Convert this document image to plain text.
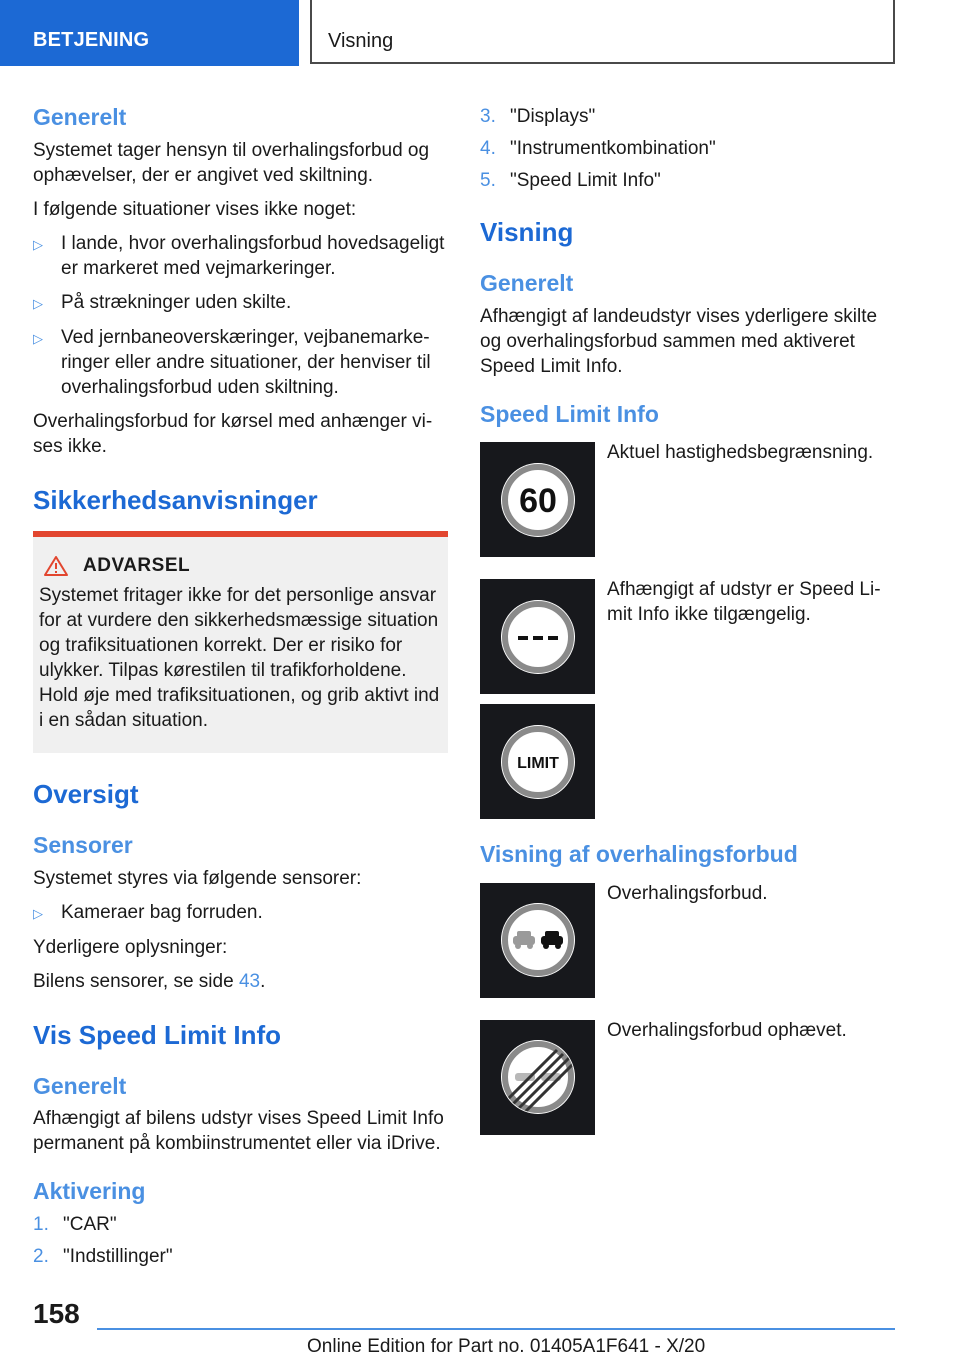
BETJENING	Visning
Generelt

Systemet tager hensyn til overhalingsforbud og ophævelser, der er angivet ved skiltning.

I følgende situationer vises ikke noget:

▷ I lande, hvor overhalingsforbud hovedsageligt er markeret med vejmarkeringer.
▷ På strækninger uden skilte.
▷ Ved jernbaneoverskæringer, vejbanemarkeringer eller andre situationer, der henviser til overhalingsforbud uden skiltning.

Overhalingsforbud for kørsel med anhænger vises ikke.

Sikkerhedsanvisninger
ADVARSEL

Systemet fritager ikke for det personlige ansvar for at vurdere den sikkerhedsmæssige situation og trafiksituationen korrekt. Der er risiko for ulykker. Tilpas kørestilen til trafikforholdene. Hold øje med trafiksituationen, og grib aktivt ind i en sådan situation.

Oversigt
Sensorer

Systemet styres via følgende sensorer:

▷ Kameraer bag forruden.

Yderligere oplysninger:

Bilens sensorer, se side 43.

Vis Speed Limit Info
Generelt

Afhængigt af bilens udstyr vises Speed Limit Info permanent på kombiinstrumentet eller via iDrive.

Aktivering
1. "CAR"
2. "Indstillinger"
3. "Displays"
4. "Instrumentkombination"
5. "Speed Limit Info"
Visning
Generelt

Afhængigt af landeudstyr vises yderligere skilte og overhalingsforbud sammen med aktiveret Speed Limit Info.

Speed Limit Info
60
Aktuel hastighedsbegrænsning.
Afhængigt af udstyr er Speed Limit Info ikke tilgængelig.
LIMIT
Visning af overhalingsforbud
Overhalingsforbud.
Overhalingsforbud ophævet.
158
Online Edition for Part no. 01405A1F641 - X/20
